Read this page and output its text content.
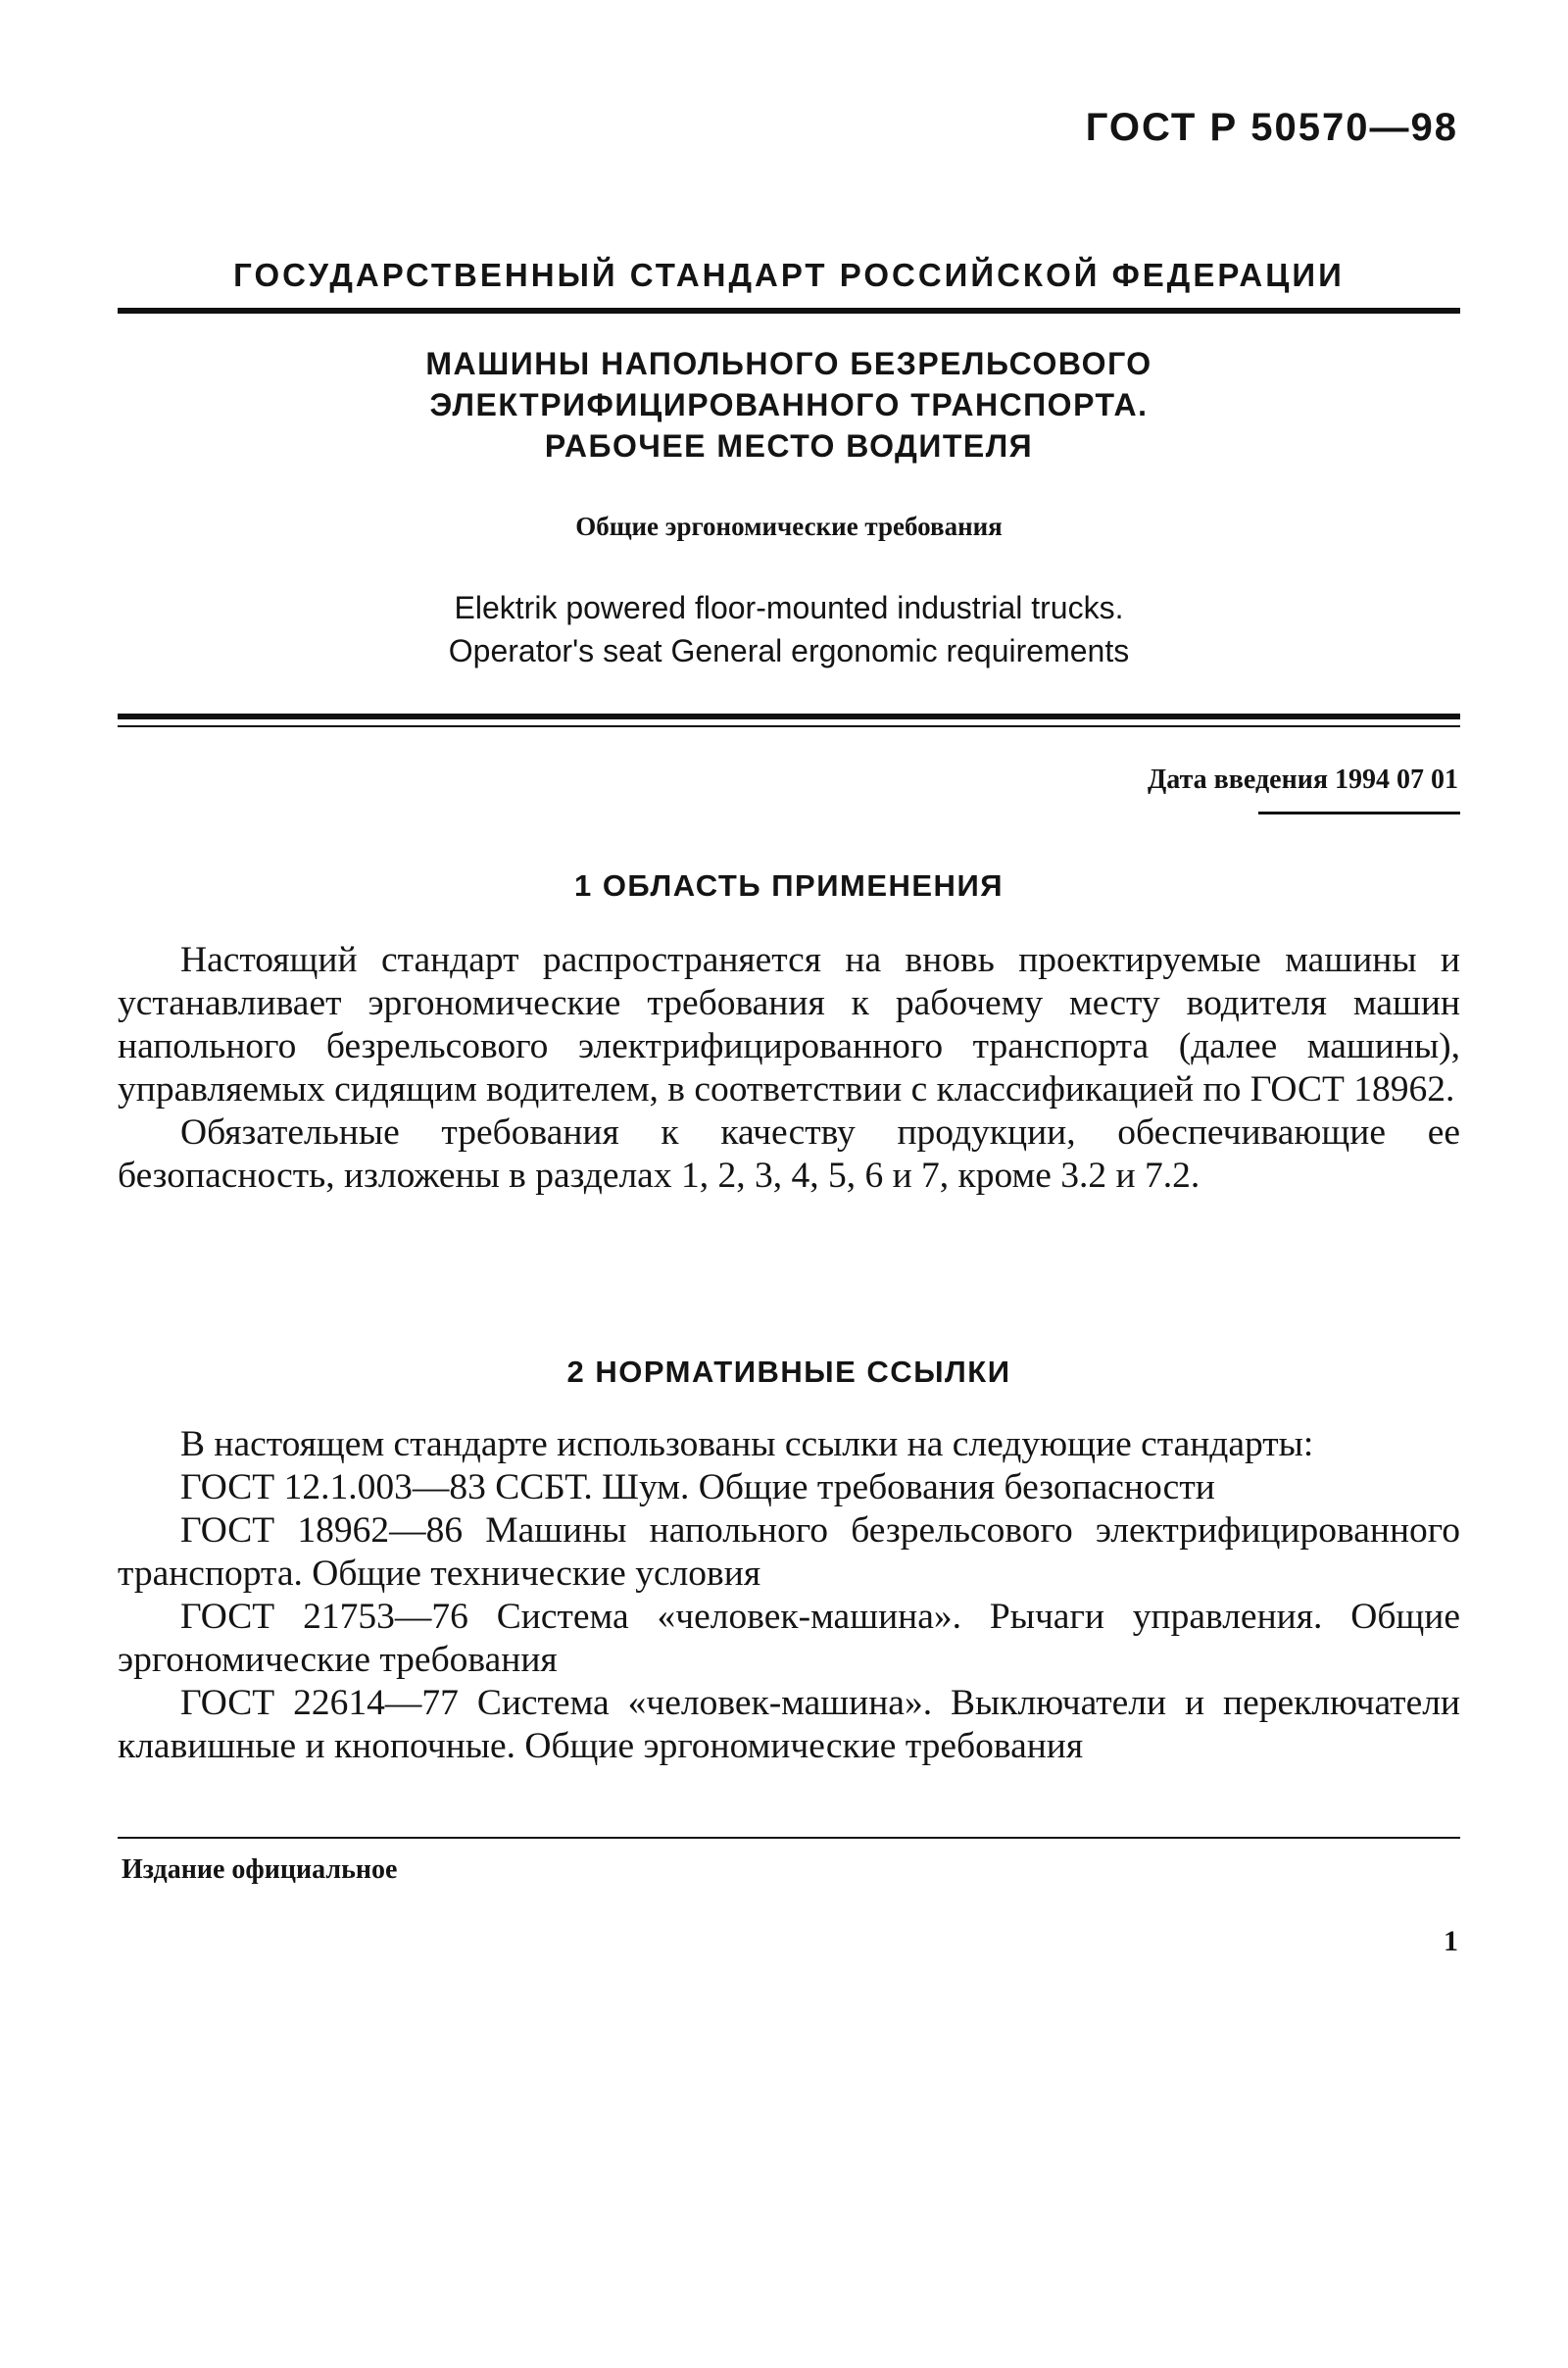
ГОСТ Р 50570—98
ГОСУДАРСТВЕННЫЙ СТАНДАРТ РОССИЙСКОЙ ФЕДЕРАЦИИ
МАШИНЫ НАПОЛЬНОГО БЕЗРЕЛЬСОВОГО
ЭЛЕКТРИФИЦИРОВАННОГО ТРАНСПОРТА.
РАБОЧЕЕ МЕСТО ВОДИТЕЛЯ
Общие эргономические требования
Elektrik powered floor-mounted industrial trucks.
Operator's seat General ergonomic requirements
Дата введения 1994 07 01
1 ОБЛАСТЬ ПРИМЕНЕНИЯ

Настоящий стандарт распространяется на вновь проектируемые машины и устанавливает эргономические требования к рабочему месту водителя машин напольного безрельсового электрифицированного транспорта (далее машины), управляемых сидящим водителем, в соответствии с классификацией по ГОСТ 18962.

Обязательные требования к качеству продукции, обеспечивающие ее безопасность, изложены в разделах 1, 2, 3, 4, 5, 6 и 7, кроме 3.2 и 7.2.

2 НОРМАТИВНЫЕ ССЫЛКИ

В настоящем стандарте использованы ссылки на следующие стандарты:

ГОСТ 12.1.003—83 ССБТ. Шум. Общие требования безопасности

ГОСТ 18962—86 Машины напольного безрельсового электрифицированного транспорта. Общие технические условия

ГОСТ 21753—76 Система «человек-машина». Рычаги управления. Общие эргономические требования

ГОСТ 22614—77 Система «человек-машина». Выключатели и переключатели клавишные и кнопочные. Общие эргономические требования

Издание официальное
1
